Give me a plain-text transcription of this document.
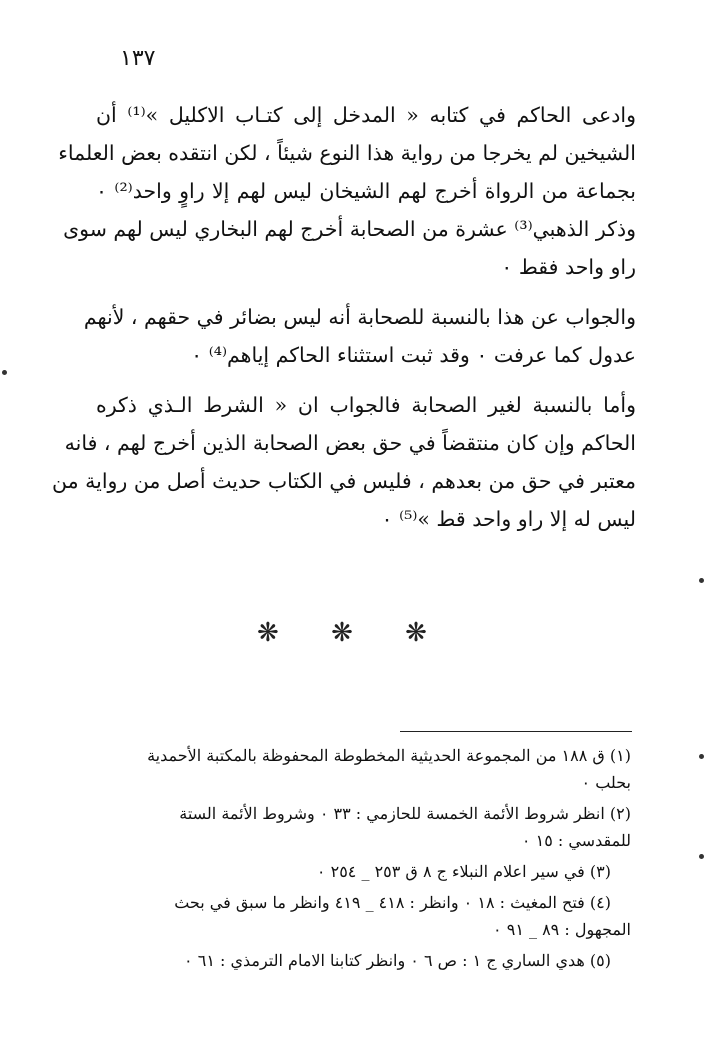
١٣٧

وادعى الحاكم في كتابه « المدخل إلى كتـاب الاكليل »⁽¹⁾ أن
الشيخين لم يخرجا من رواية هذا النوع شيئاً ، لكن انتقده بعض العلماء
بجماعة من الرواة أخرج لهم الشيخان ليس لهم إلا راوٍ واحد⁽²⁾ ٠
وذكر الذهبي⁽³⁾ عشرة من الصحابة أخرج لهم البخاري ليس لهم سوى
راو واحد فقط ٠

والجواب عن هذا بالنسبة للصحابة أنه ليس بضائر في حقهم ، لأنهم
عدول كما عرفت ٠ وقد ثبت استثناء الحاكم إياهم⁽⁴⁾ ٠

وأما بالنسبة لغير الصحابة فالجواب ان « الشرط الـذي ذكره
الحاكم وإن كان منتقضاً في حق بعض الصحابة الذين أخرج لهم ، فانه
معتبر في حق من بعدهم ، فليس في الكتاب حديث أصل من رواية من
ليس له إلا راو واحد قط »⁽⁵⁾ ٠

❋ ❋ ❋

(١) ق ١٨٨ من المجموعة الحديثية المخطوطة المحفوظة بالمكتبة الأحمدية
بحلب ٠

(٢) انظر شروط الأئمة الخمسة للحازمي : ٣٣ ٠ وشروط الأئمة الستة
للمقدسي : ١٥ ٠

(٣) في سير اعلام النبلاء ج ٨ ق ٢٥٣ _ ٢٥٤ ٠

(٤) فتح المغيث : ١٨ ٠ وانظر : ٤١٨ _ ٤١٩ وانظر ما سبق في بحث
المجهول : ٨٩ _ ٩١ ٠

(٥) هدي الساري ج ١ : ص ٦ ٠ وانظر كتابنا الامام الترمذي : ٦١ ٠
